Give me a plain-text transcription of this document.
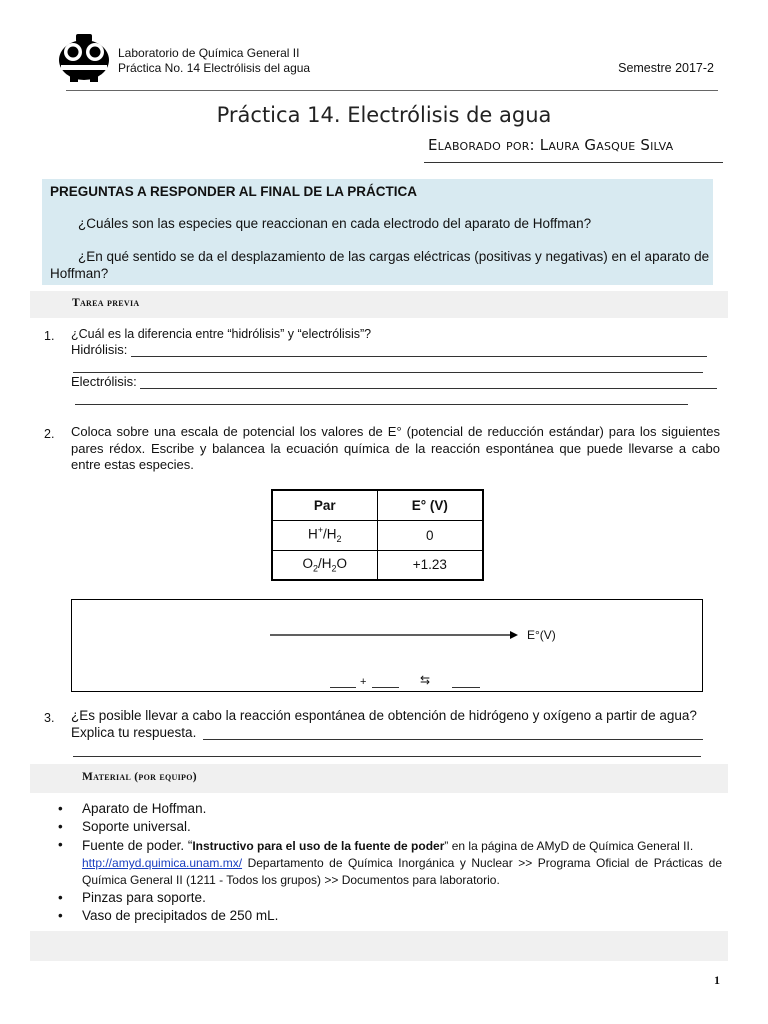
Laboratorio de Química General II
Práctica No. 14 Electrólisis del agua	Semestre 2017-2
Práctica 14. Electrólisis de agua
Elaborado por: Laura Gasque Silva
PREGUNTAS A RESPONDER AL FINAL DE LA PRÁCTICA
¿Cuáles son las especies que reaccionan en cada electrodo del aparato de Hoffman?
¿En qué sentido se da el desplazamiento de las cargas eléctricas (positivas y negativas) en el aparato de Hoffman?
Tarea previa
1. ¿Cuál es la diferencia entre “hidrólisis” y “electrólisis”?
Hidrólisis:
Electrólisis:
2. Coloca sobre una escala de potencial los valores de E° (potencial de reducción estándar) para los siguientes pares rédox. Escribe y balancea la ecuación química de la reacción espontánea que puede llevarse a cabo entre estas especies.
Par	E° (V)
$H^+/H_2$	0
$O_2/H_2O$	+1.23
E°(V)
+	⇆
3. ¿Es posible llevar a cabo la reacción espontánea de obtención de hidrógeno y oxígeno a partir de agua?
Explica tu respuesta.
Material (por equipo)
• Aparato de Hoffman.
• Soporte universal.
• Fuente de poder. “Instructivo para el uso de la fuente de poder” en la página de AMyD de Química General II.
http://amyd.quimica.unam.mx/ Departamento de Química Inorgánica y Nuclear >> Programa Oficial de Prácticas de Química General II (1211 - Todos los grupos) >> Documentos para laboratorio.
• Pinzas para soporte.
• Vaso de precipitados de 250 mL.
1
